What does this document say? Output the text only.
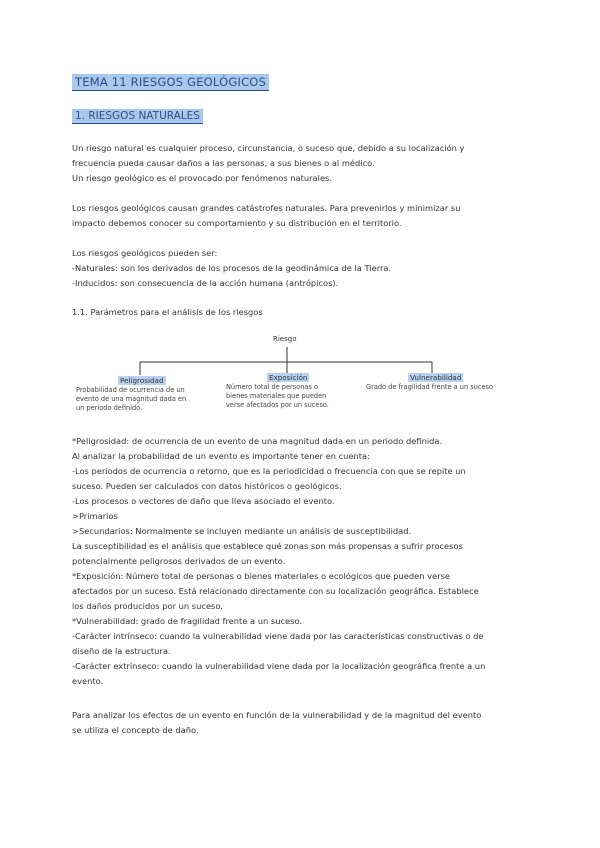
TEMA 11 RIESGOS GEOLÓGICOS
1. RIESGOS NATURALES
Un riesgo natural es cualquier proceso, circunstancia, o suceso que, debido a su localización y
frecuencia pueda causar daños a las personas, a sus bienes o al médico.
Un riesgo geológico es el provocado por fenómenos naturales.
Los riesgos geológicos causan grandes catástrofes naturales. Para prevenirlos y minimizar su
impacto debemos conocer su comportamiento y su distribución en el territorio.
Los riesgos geológicos pueden ser:
-Naturales: son los derivados de los procesos de la geodinámica de la Tierra.
-Inducidos: son consecuencia de la acción humana (antrópicos).
1.1. Parámetros para el análisis de los riesgos
Riesgo
Peligrosidad
Probabilidad de ocurrencia de un
evento de una magnitud dada en
un periodo definido.
Exposición
Número total de personas o
bienes materiales que pueden
verse afectados por un suceso.
Vulnerabilidad
Grado de fragilidad frente a un suceso
*Peligrosidad: de ocurrencia de un evento de una magnitud dada en un periodo definida.
Al analizar la probabilidad de un evento es importante tener en cuenta:
-Los periodos de ocurrencia o retorno, que es la periodicidad o frecuencia con que se repite un
suceso. Pueden ser calculados con datos históricos o geológicos.
-Los procesos o vectores de daño que lleva asociado el evento.
>Primarios
>Secundarios: Normalmente se incluyen mediante un análisis de susceptibilidad.
La susceptibilidad es el análisis que establece qué zonas son más propensas a sufrir procesos
potencialmente peligrosos derivados de un evento.
*Exposición: Número total de personas o bienes materiales o ecológicos que pueden verse
afectados por un suceso. Está relacionado directamente con su localización geográfica. Establece
los daños producidos por un suceso.
*Vulnerabilidad: grado de fragilidad frente a un suceso.
-Carácter intrínseco: cuando la vulnerabilidad viene dada por las características constructivas o de
diseño de la estructura.
-Carácter extrínseco: cuando la vulnerabilidad viene dada por la localización geográfica frente a un
evento.
Para analizar los efectos de un evento en función de la vulnerabilidad y de la magnitud del evento
se utiliza el concepto de daño.
